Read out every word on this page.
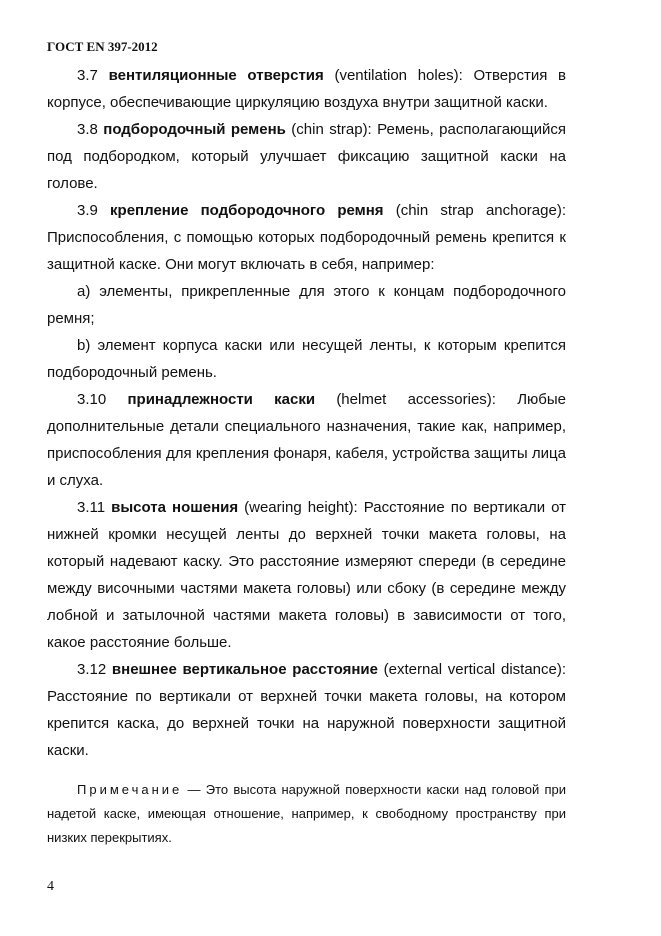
ГОСТ EN 397-2012

3.7 вентиляционные отверстия (ventilation holes): Отверстия в корпусе, обеспечивающие циркуляцию воздуха внутри защитной каски.

3.8 подбородочный ремень (chin strap): Ремень, располагающийся под подбородком, который улучшает фиксацию защитной каски на голове.

3.9 крепление подбородочного ремня (chin strap anchorage): Приспособления, с помощью которых подбородочный ремень крепится к защитной каске. Они могут включать в себя, например:

a) элементы, прикрепленные для этого к концам подбородочного ремня;

b) элемент корпуса каски или несущей ленты, к которым крепится подбородочный ремень.

3.10 принадлежности каски (helmet accessories): Любые дополнительные детали специального назначения, такие как, например, приспособления для крепления фонаря, кабеля, устройства защиты лица и слуха.

3.11 высота ношения (wearing height): Расстояние по вертикали от нижней кромки несущей ленты до верхней точки макета головы, на который надевают каску. Это расстояние измеряют спереди (в середине между височными частями макета головы) или сбоку (в середине между лобной и затылочной частями макета головы) в зависимости от того, какое расстояние больше.

3.12 внешнее вертикальное расстояние (external vertical distance): Расстояние по вертикали от верхней точки макета головы, на котором крепится каска, до верхней точки на наружной поверхности защитной каски.

Примечание — Это высота наружной поверхности каски над головой при надетой каске, имеющая отношение, например, к свободному пространству при низких перекрытиях.

4
